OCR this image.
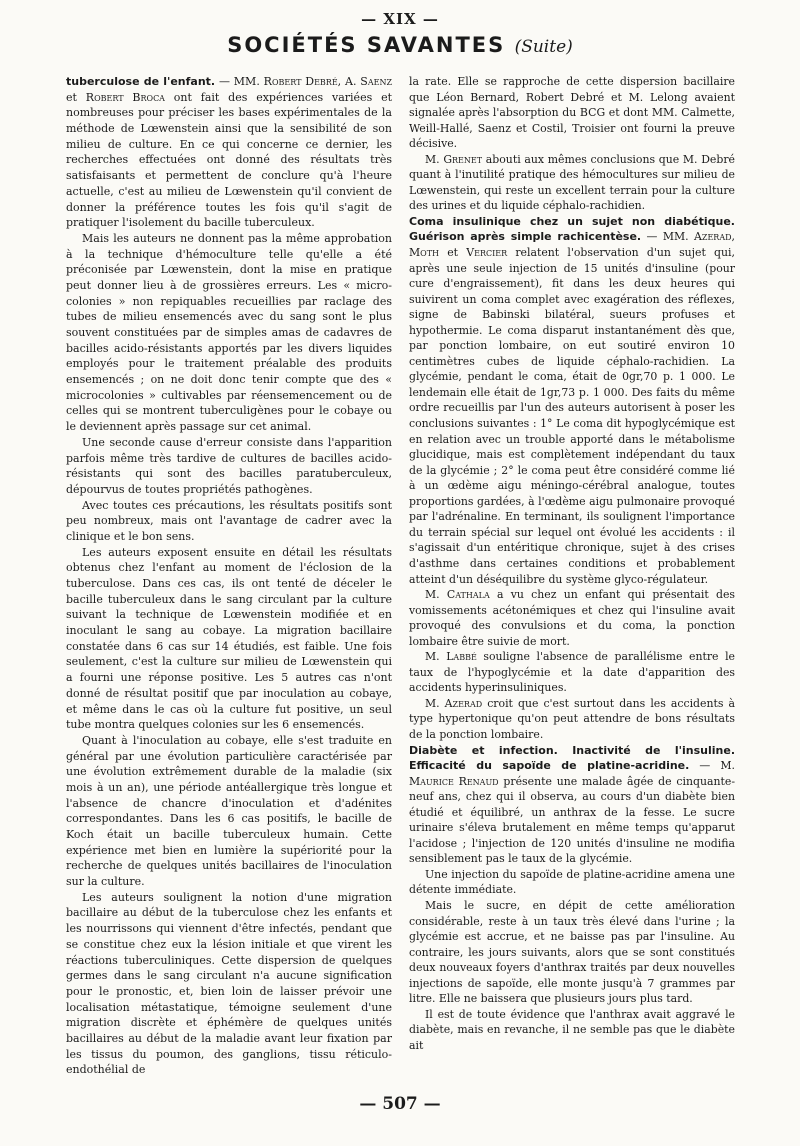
— XIX —
SOCIÉTÉS SAVANTES (Suite)

tuberculose de l'enfant. — MM. Robert Debré, A. Saenz et Robert Broca ont fait des expériences variées et nombreuses pour préciser les bases expérimentales de la méthode de Lœwenstein ainsi que la sensibilité de son milieu de culture. En ce qui concerne ce dernier, les recherches effectuées ont donné des résultats très satisfaisants et permettent de conclure qu'à l'heure actuelle, c'est au milieu de Lœwenstein qu'il convient de donner la préférence toutes les fois qu'il s'agit de pratiquer l'isolement du bacille tuberculeux.

Mais les auteurs ne donnent pas la même approbation à la technique d'hémoculture telle qu'elle a été préconisée par Lœwenstein, dont la mise en pratique peut donner lieu à de grossières erreurs. Les « micro-colonies » non repiquables recueillies par raclage des tubes de milieu ensemencés avec du sang sont le plus souvent constituées par de simples amas de cadavres de bacilles acido-résistants apportés par les divers liquides employés pour le traitement préalable des produits ensemencés ; on ne doit donc tenir compte que des « microcolonies » cultivables par réensemencement ou de celles qui se montrent tuberculigènes pour le cobaye ou le deviennent après passage sur cet animal.

Une seconde cause d'erreur consiste dans l'apparition parfois même très tardive de cultures de bacilles acido-résistants qui sont des bacilles paratuberculeux, dépourvus de toutes propriétés pathogènes.

Avec toutes ces précautions, les résultats positifs sont peu nombreux, mais ont l'avantage de cadrer avec la clinique et le bon sens.

Les auteurs exposent ensuite en détail les résultats obtenus chez l'enfant au moment de l'éclosion de la tuberculose. Dans ces cas, ils ont tenté de déceler le bacille tuberculeux dans le sang circulant par la culture suivant la technique de Lœwenstein modifiée et en inoculant le sang au cobaye. La migration bacillaire constatée dans 6 cas sur 14 étudiés, est faible. Une fois seulement, c'est la culture sur milieu de Lœwenstein qui a fourni une réponse positive. Les 5 autres cas n'ont donné de résultat positif que par inoculation au cobaye, et même dans le cas où la culture fut positive, un seul tube montra quelques colonies sur les 6 ensemencés.

Quant à l'inoculation au cobaye, elle s'est traduite en général par une évolution particulière caractérisée par une évolution extrêmement durable de la maladie (six mois à un an), une période antéallergique très longue et l'absence de chancre d'inoculation et d'adénites correspondantes. Dans les 6 cas positifs, le bacille de Koch était un bacille tuberculeux humain. Cette expérience met bien en lumière la supériorité pour la recherche de quelques unités bacillaires de l'inoculation sur la culture.

Les auteurs soulignent la notion d'une migration bacillaire au début de la tuberculose chez les enfants et les nourrissons qui viennent d'être infectés, pendant que se constitue chez eux la lésion initiale et que virent les réactions tuberculiniques. Cette dispersion de quelques germes dans le sang circulant n'a aucune signification pour le pronostic, et, bien loin de laisser prévoir une localisation métastatique, témoigne seulement d'une migration discrète et éphémère de quelques unités bacillaires au début de la maladie avant leur fixation par les tissus du poumon, des ganglions, tissu réticulo-endothélial de

la rate. Elle se rapproche de cette dispersion bacillaire que Léon Bernard, Robert Debré et M. Lelong avaient signalée après l'absorption du BCG et dont MM. Calmette, Weill-Hallé, Saenz et Costil, Troisier ont fourni la preuve décisive.

M. Grenet abouti aux mêmes conclusions que M. Debré quant à l'inutilité pratique des hémocultures sur milieu de Lœwenstein, qui reste un excellent terrain pour la culture des urines et du liquide céphalo-rachidien.

Coma insulinique chez un sujet non diabétique. Guérison après simple rachicentèse. — MM. Azerad, Moth et Vercier relatent l'observation d'un sujet qui, après une seule injection de 15 unités d'insuline (pour cure d'engraissement), fit dans les deux heures qui suivirent un coma complet avec exagération des réflexes, signe de Babinski bilatéral, sueurs profuses et hypothermie. Le coma disparut instantanément dès que, par ponction lombaire, on eut soutiré environ 10 centimètres cubes de liquide céphalo-rachidien. La glycémie, pendant le coma, était de 0gr,70 p. 1 000. Le lendemain elle était de 1gr,73 p. 1 000. Des faits du même ordre recueillis par l'un des auteurs autorisent à poser les conclusions suivantes : 1° Le coma dit hypoglycémique est en relation avec un trouble apporté dans le métabolisme glucidique, mais est complètement indépendant du taux de la glycémie ; 2° le coma peut être considéré comme lié à un œdème aigu méningo-cérébral analogue, toutes proportions gardées, à l'œdème aigu pulmonaire provoqué par l'adrénaline. En terminant, ils soulignent l'importance du terrain spécial sur lequel ont évolué les accidents : il s'agissait d'un entéritique chronique, sujet à des crises d'asthme dans certaines conditions et probablement atteint d'un déséquilibre du système glyco-régulateur.

M. Cathala a vu chez un enfant qui présentait des vomissements acétonémiques et chez qui l'insuline avait provoqué des convulsions et du coma, la ponction lombaire être suivie de mort.

M. Labbé souligne l'absence de parallélisme entre le taux de l'hypoglycémie et la date d'apparition des accidents hyperinsuliniques.

M. Azerad croit que c'est surtout dans les accidents à type hypertonique qu'on peut attendre de bons résultats de la ponction lombaire.

Diabète et infection. Inactivité de l'insuline. Efficacité du sapoïde de platine-acridine. — M. Maurice Renaud présente une malade âgée de cinquante-neuf ans, chez qui il observa, au cours d'un diabète bien étudié et équilibré, un anthrax de la fesse. Le sucre urinaire s'éleva brutalement en même temps qu'apparut l'acidose ; l'injection de 120 unités d'insuline ne modifia sensiblement pas le taux de la glycémie.

Une injection du sapoïde de platine-acridine amena une détente immédiate.

Mais le sucre, en dépit de cette amélioration considérable, reste à un taux très élevé dans l'urine ; la glycémie est accrue, et ne baisse pas par l'insuline. Au contraire, les jours suivants, alors que se sont constitués deux nouveaux foyers d'anthrax traités par deux nouvelles injections de sapoïde, elle monte jusqu'à 7 grammes par litre. Elle ne baissera que plusieurs jours plus tard.

Il est de toute évidence que l'anthrax avait aggravé le diabète, mais en revanche, il ne semble pas que le diabète ait

— 507 —
